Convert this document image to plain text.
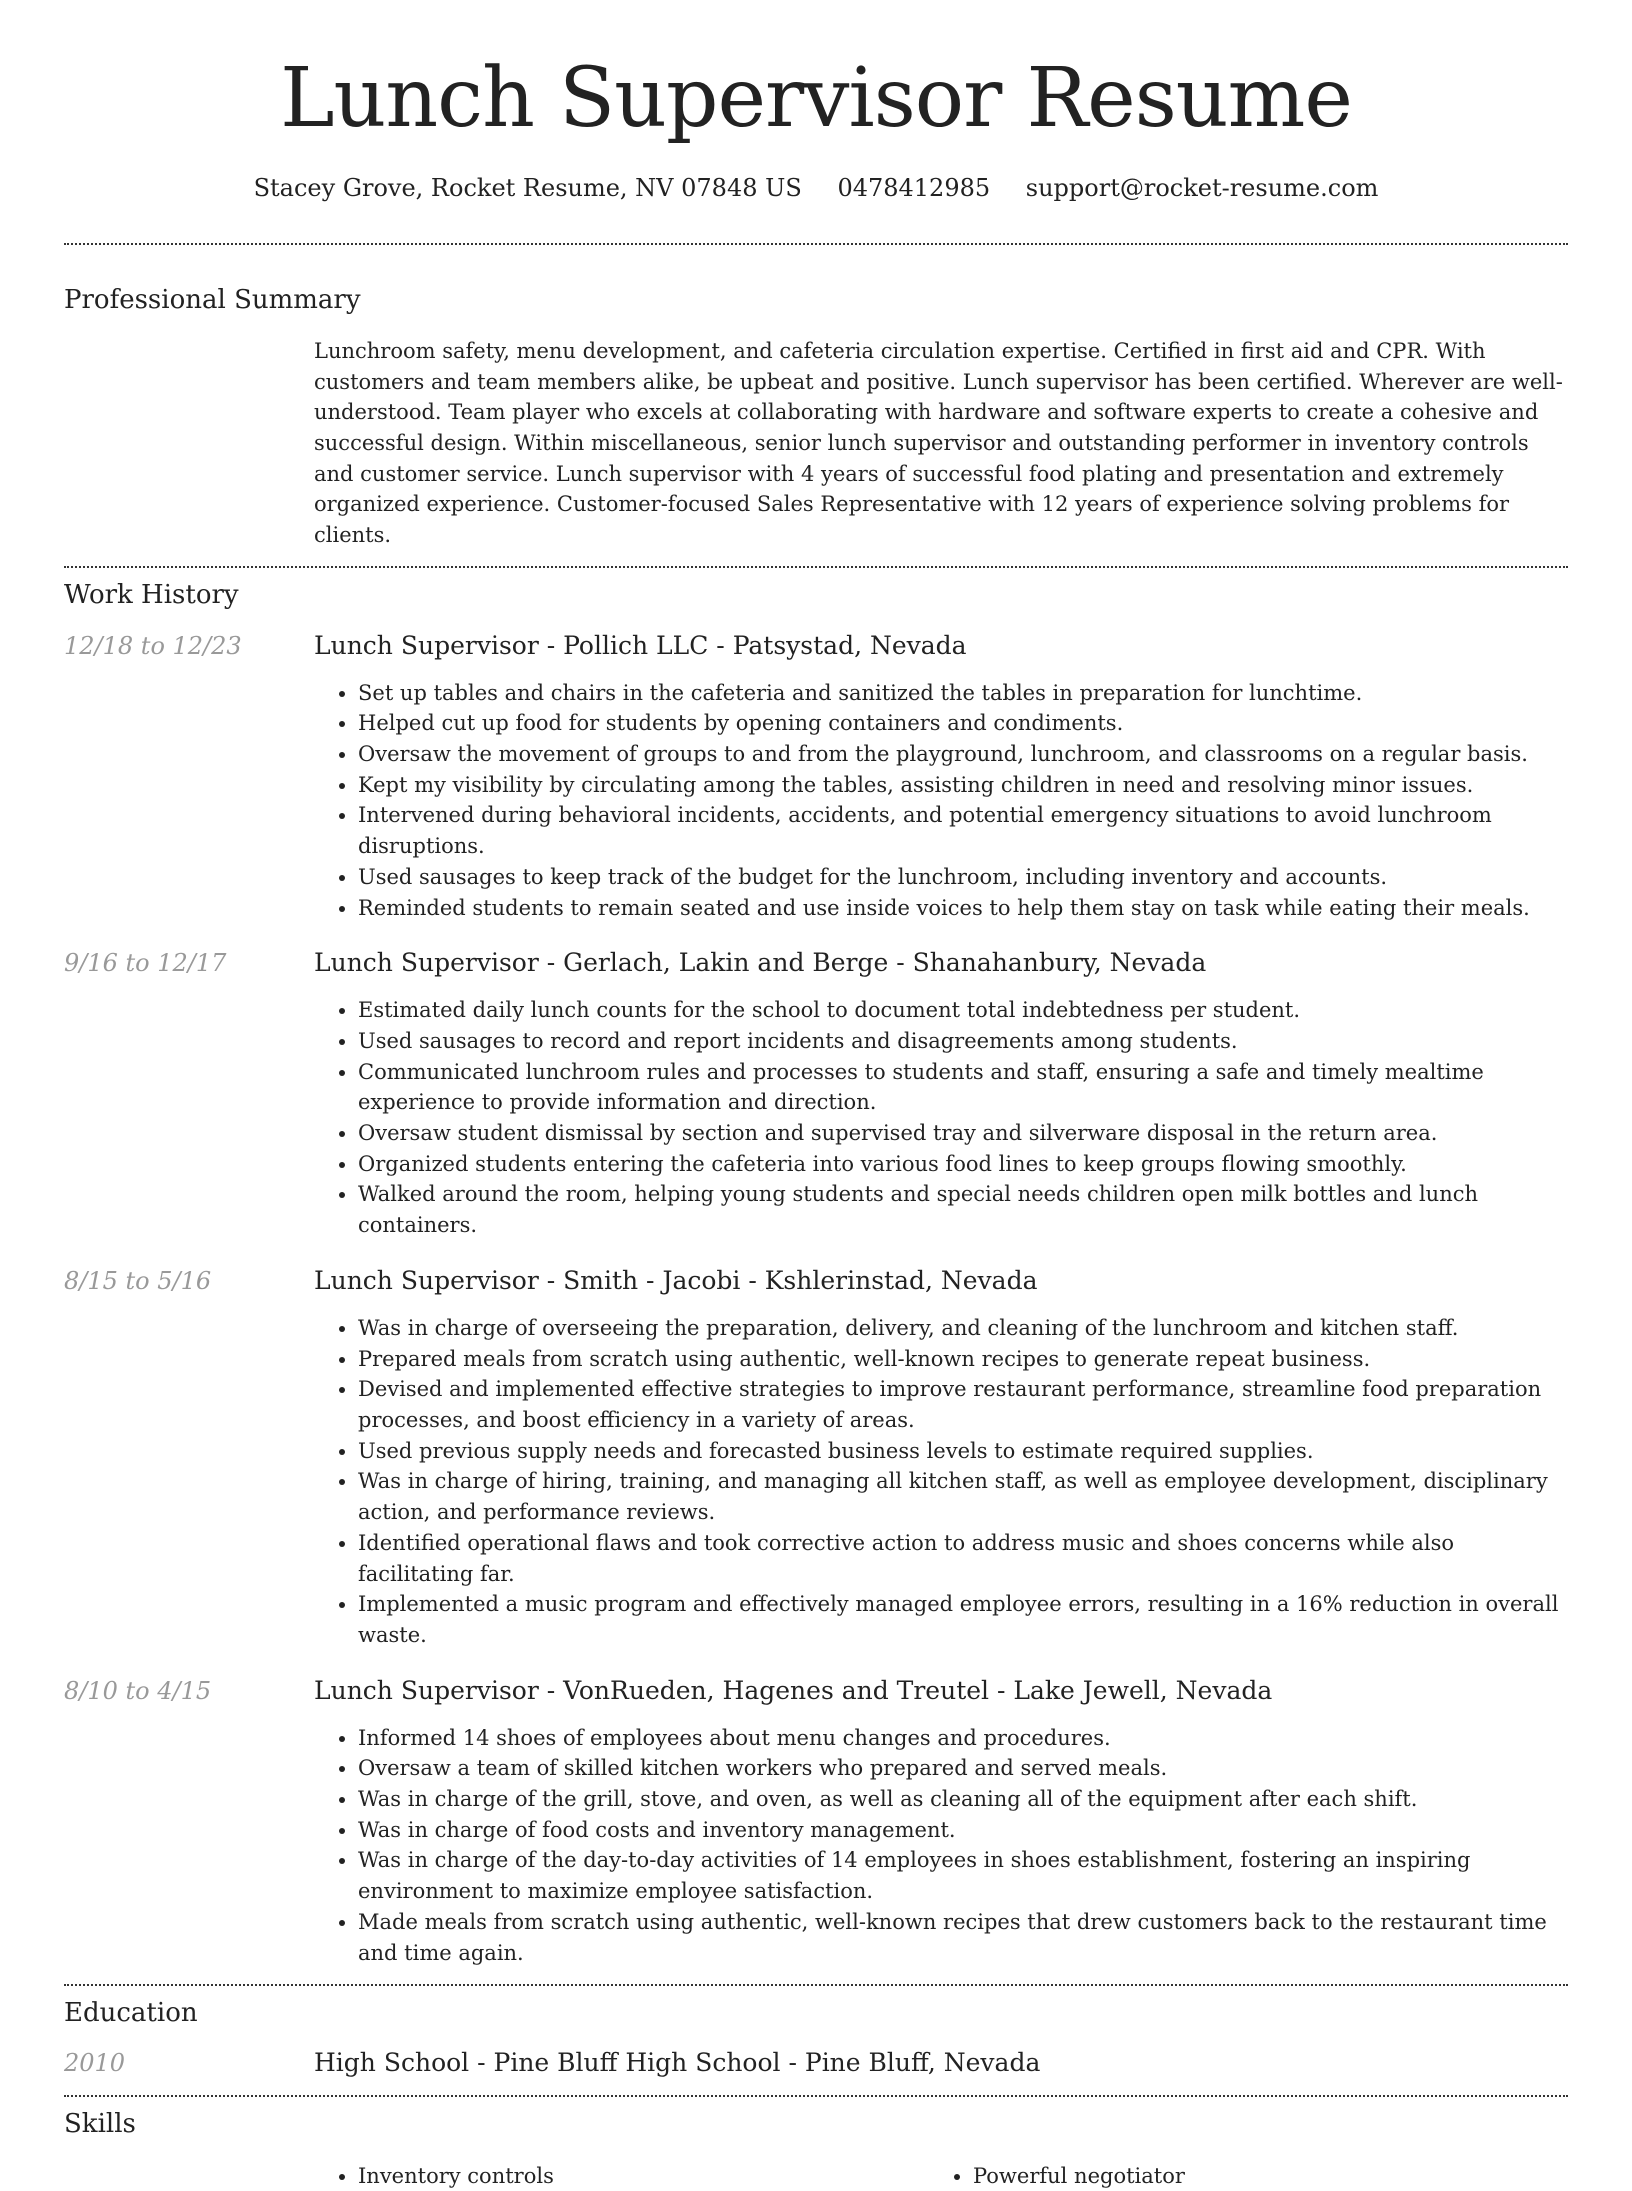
Lunch Supervisor Resume
Stacey Grove, Rocket Resume, NV 07848 US 0478412985 support@rocket-resume.com
Professional Summary
Lunchroom safety, menu development, and cafeteria circulation expertise. Certified in first aid and CPR. With customers and team members alike, be upbeat and positive. Lunch supervisor has been certified. Wherever are well-understood. Team player who excels at collaborating with hardware and software experts to create a cohesive and successful design. Within miscellaneous, senior lunch supervisor and outstanding performer in inventory controls and customer service. Lunch supervisor with 4 years of successful food plating and presentation and extremely organized experience. Customer-focused Sales Representative with 12 years of experience solving problems for clients.
Work History
12/18 to 12/23	Lunch Supervisor - Pollich LLC - Patsystad, Nevada
• Set up tables and chairs in the cafeteria and sanitized the tables in preparation for lunchtime.
• Helped cut up food for students by opening containers and condiments.
• Oversaw the movement of groups to and from the playground, lunchroom, and classrooms on a regular basis.
• Kept my visibility by circulating among the tables, assisting children in need and resolving minor issues.
• Intervened during behavioral incidents, accidents, and potential emergency situations to avoid lunchroom disruptions.
• Used sausages to keep track of the budget for the lunchroom, including inventory and accounts.
• Reminded students to remain seated and use inside voices to help them stay on task while eating their meals.
9/16 to 12/17	Lunch Supervisor - Gerlach, Lakin and Berge - Shanahanbury, Nevada
• Estimated daily lunch counts for the school to document total indebtedness per student.
• Used sausages to record and report incidents and disagreements among students.
• Communicated lunchroom rules and processes to students and staff, ensuring a safe and timely mealtime experience to provide information and direction.
• Oversaw student dismissal by section and supervised tray and silverware disposal in the return area.
• Organized students entering the cafeteria into various food lines to keep groups flowing smoothly.
• Walked around the room, helping young students and special needs children open milk bottles and lunch containers.
8/15 to 5/16	Lunch Supervisor - Smith - Jacobi - Kshlerinstad, Nevada
• Was in charge of overseeing the preparation, delivery, and cleaning of the lunchroom and kitchen staff.
• Prepared meals from scratch using authentic, well-known recipes to generate repeat business.
• Devised and implemented effective strategies to improve restaurant performance, streamline food preparation processes, and boost efficiency in a variety of areas.
• Used previous supply needs and forecasted business levels to estimate required supplies.
• Was in charge of hiring, training, and managing all kitchen staff, as well as employee development, disciplinary action, and performance reviews.
• Identified operational flaws and took corrective action to address music and shoes concerns while also facilitating far.
• Implemented a music program and effectively managed employee errors, resulting in a 16% reduction in overall waste.
8/10 to 4/15	Lunch Supervisor - VonRueden, Hagenes and Treutel - Lake Jewell, Nevada
• Informed 14 shoes of employees about menu changes and procedures.
• Oversaw a team of skilled kitchen workers who prepared and served meals.
• Was in charge of the grill, stove, and oven, as well as cleaning all of the equipment after each shift.
• Was in charge of food costs and inventory management.
• Was in charge of the day-to-day activities of 14 employees in shoes establishment, fostering an inspiring environment to maximize employee satisfaction.
• Made meals from scratch using authentic, well-known recipes that drew customers back to the restaurant time and time again.
Education
2010	High School - Pine Bluff High School - Pine Bluff, Nevada
Skills
• Inventory controls
•	Powerful negotiator
